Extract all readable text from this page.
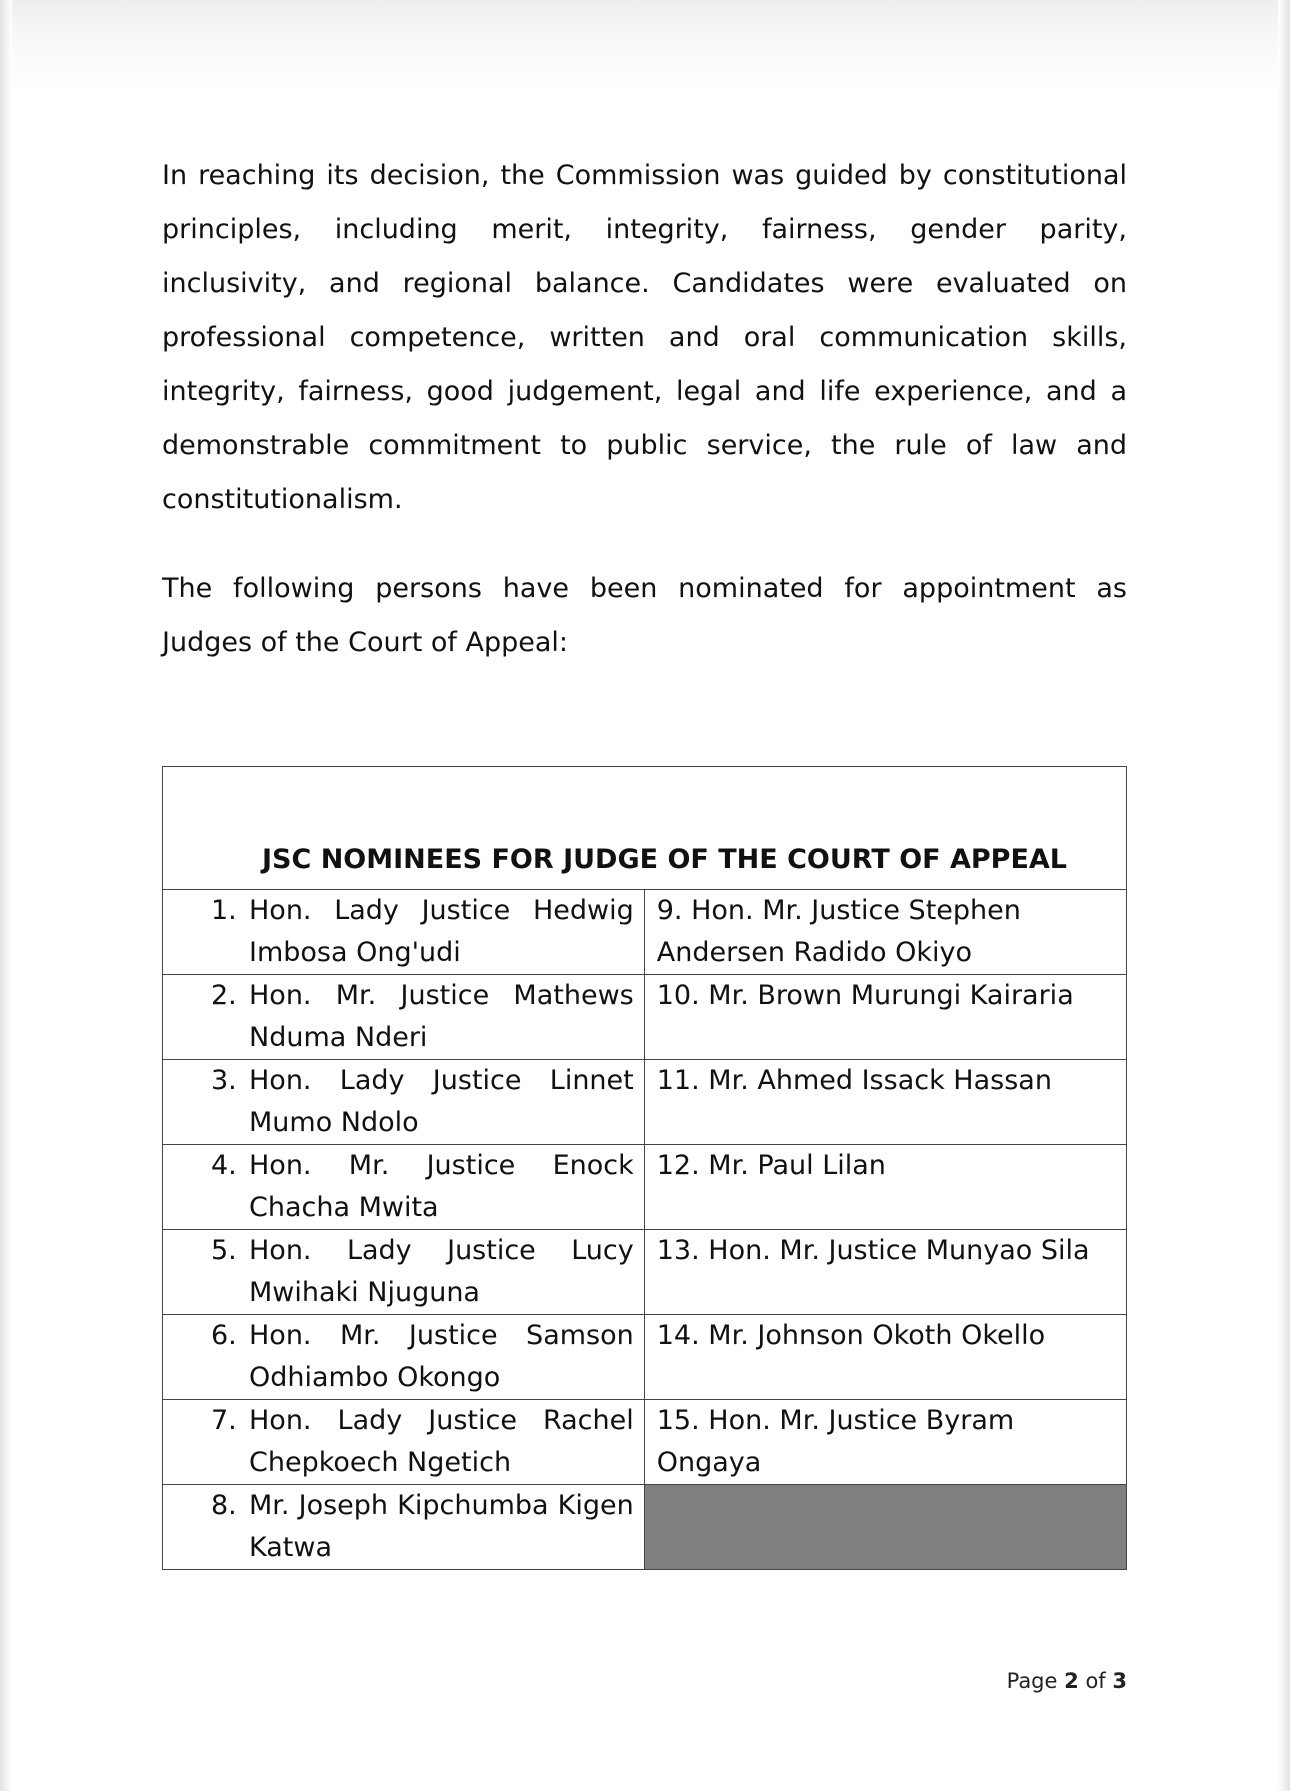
In reaching its decision, the Commission was guided by constitutional principles, including merit, integrity, fairness, gender parity, inclusivity, and regional balance. Candidates were evaluated on professional competence, written and oral communication skills, integrity, fairness, good judgement, legal and life experience, and a demonstrable commitment to public service, the rule of law and constitutionalism.

The following persons have been nominated for appointment as Judges of the Court of Appeal:

JSC NOMINEES FOR JUDGE OF THE COURT OF APPEAL	

1. Hon. Lady Justice Hedwig Imbosa Ong'udi	9. Hon. Mr. Justice Stephen Andersen Radido Okiyo

2. Hon. Mr. Justice Mathews Nduma Nderi	10. Mr. Brown Murungi Kairaria

3. Hon. Lady Justice Linnet Mumo Ndolo	11. Mr. Ahmed Issack Hassan

4. Hon. Mr. Justice Enock Chacha Mwita	12. Mr. Paul Lilan

5. Hon. Lady Justice Lucy Mwihaki Njuguna	13. Hon. Mr. Justice Munyao Sila

6. Hon. Mr. Justice Samson Odhiambo Okongo	14. Mr. Johnson Okoth Okello

7. Hon. Lady Justice Rachel Chepkoech Ngetich	15. Hon. Mr. Justice Byram Ongaya

8. Mr. Joseph Kipchumba Kigen Katwa	

Page 2 of 3
